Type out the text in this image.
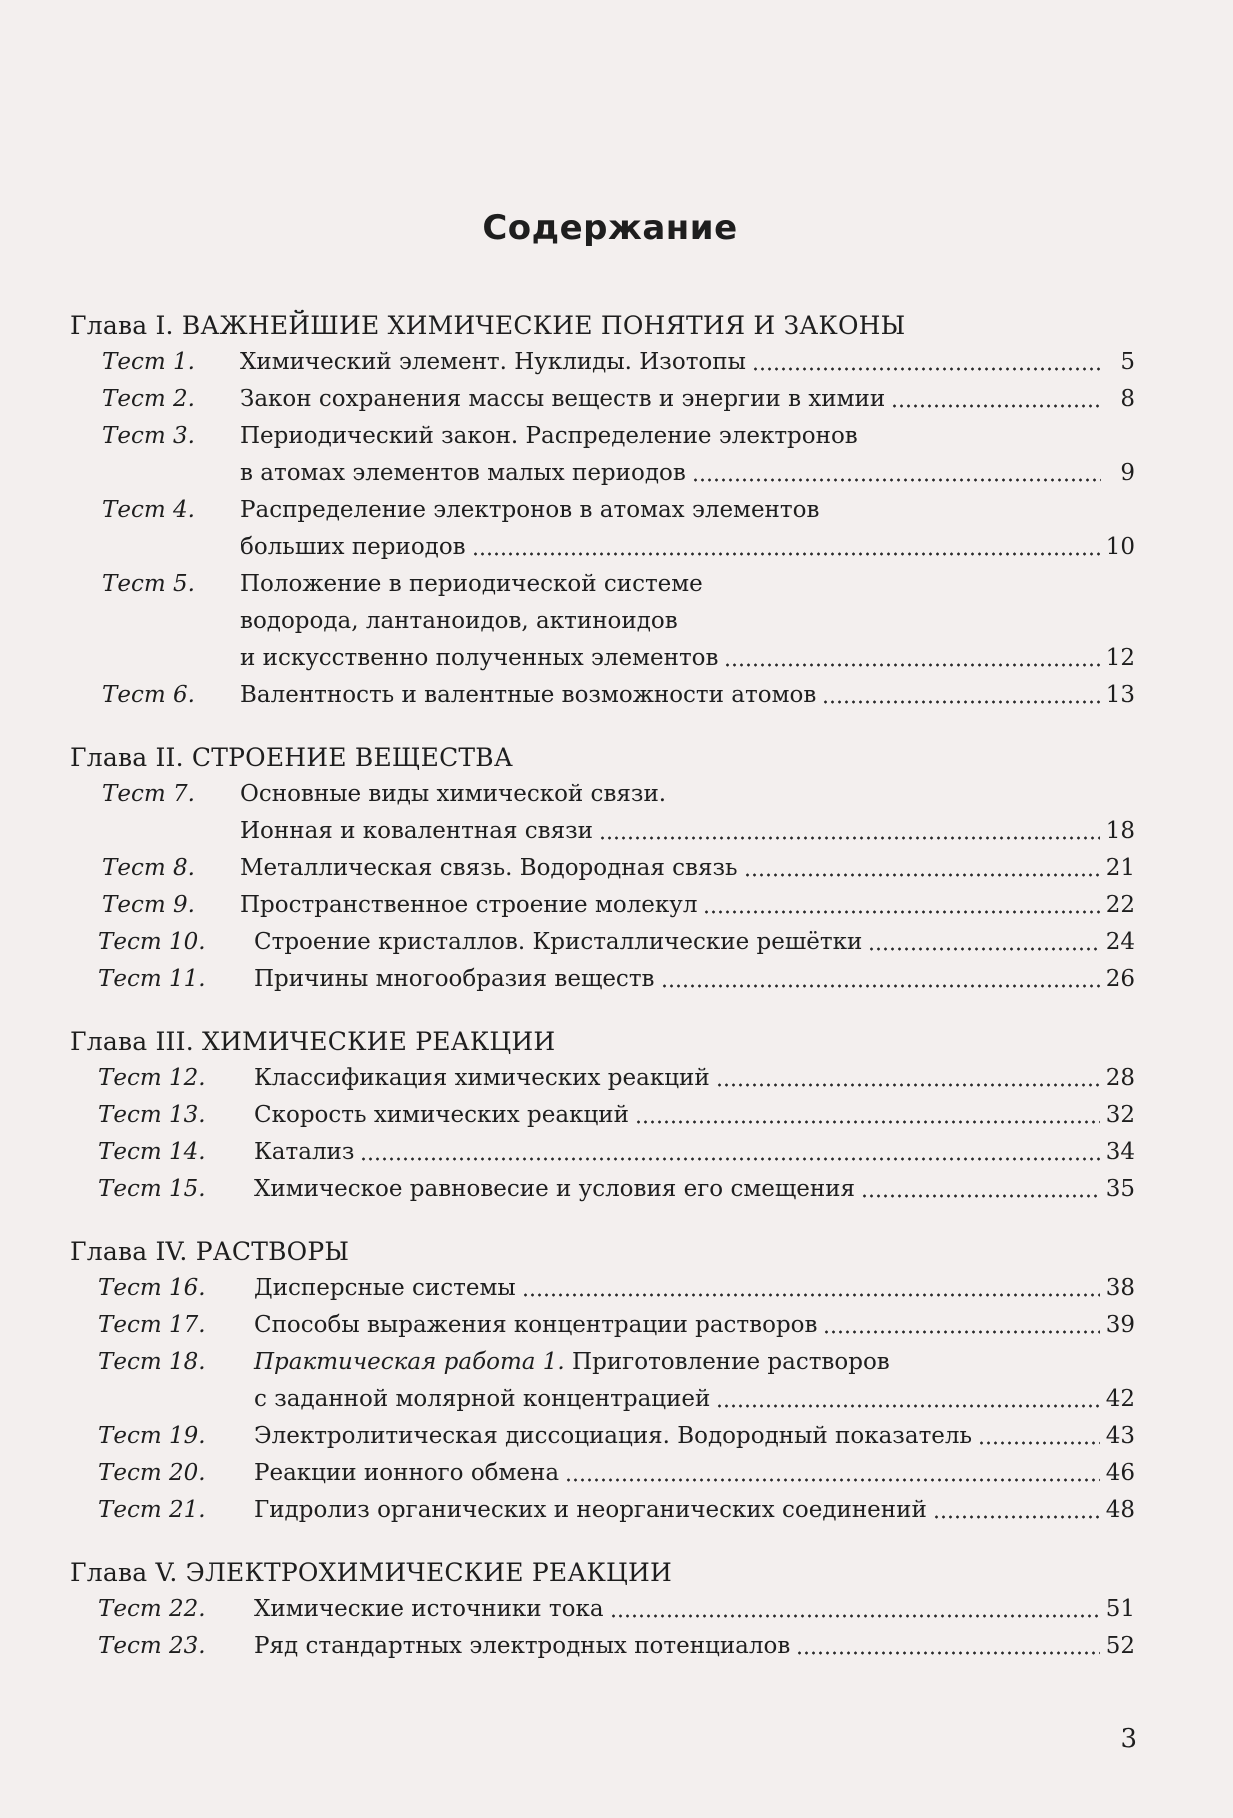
Содержание
Глава I. ВАЖНЕЙШИЕ ХИМИЧЕСКИЕ ПОНЯТИЯ И ЗАКОНЫ
Тест 1.	Химический элемент. Нуклиды. Изотопы	5
Тест 2.	Закон сохранения массы веществ и энергии в химии	8
Тест 3.	Периодический закон. Распределение электронов
в атомах элементов малых периодов	9
Тест 4.	Распределение электронов в атомах элементов
больших периодов	10
Тест 5.	Положение в периодической системе
водорода, лантаноидов, актиноидов
и искусственно полученных элементов	12
Тест 6.	Валентность и валентные возможности атомов	13
Глава II. СТРОЕНИЕ ВЕЩЕСТВА
Тест 7.	Основные виды химической связи.
Ионная и ковалентная связи	18
Тест 8.	Металлическая связь. Водородная связь	21
Тест 9.	Пространственное строение молекул	22
Тест 10.	Строение кристаллов. Кристаллические решётки	24
Тест 11.	Причины многообразия веществ	26
Глава III. ХИМИЧЕСКИЕ РЕАКЦИИ
Тест 12.	Классификация химических реакций	28
Тест 13.	Скорость химических реакций	32
Тест 14.	Катализ	34
Тест 15.	Химическое равновесие и условия его смещения	35
Глава IV. РАСТВОРЫ
Тест 16.	Дисперсные системы	38
Тест 17.	Способы выражения концентрации растворов	39
Тест 18.	Практическая работа 1. Приготовление растворов
с заданной молярной концентрацией	42
Тест 19.	Электролитическая диссоциация. Водородный показатель	43
Тест 20.	Реакции ионного обмена	46
Тест 21.	Гидролиз органических и неорганических соединений	48
Глава V. ЭЛЕКТРОХИМИЧЕСКИЕ РЕАКЦИИ
Тест 22.	Химические источники тока	51
Тест 23.	Ряд стандартных электродных потенциалов	52
3
